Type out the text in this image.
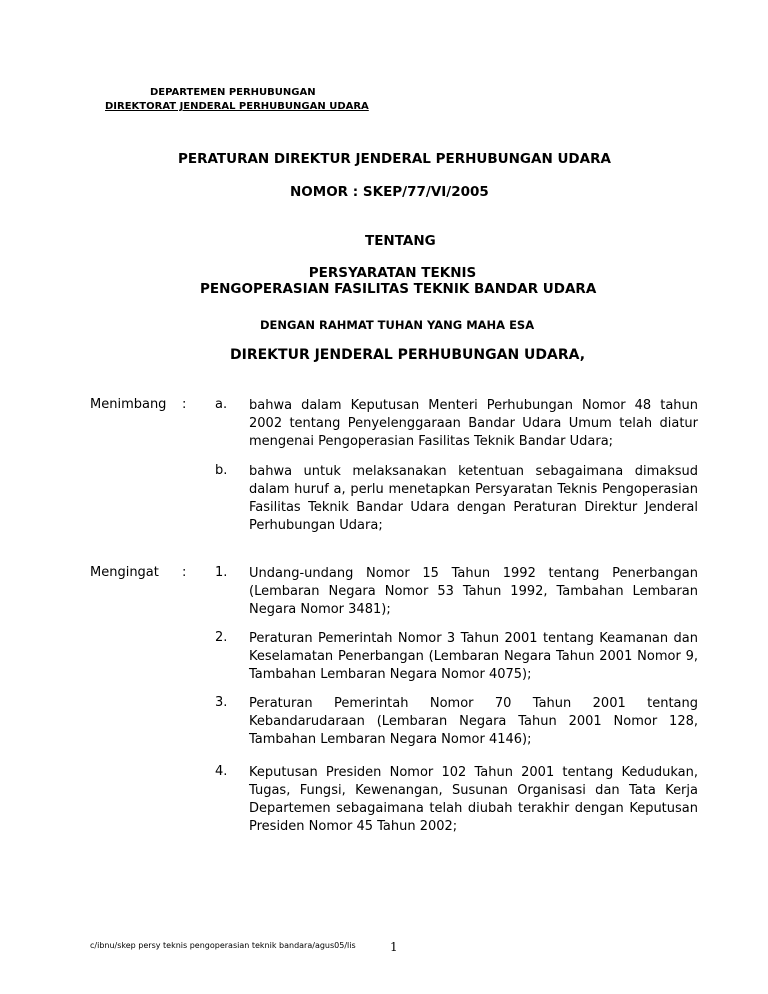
DEPARTEMEN PERHUBUNGAN
DIREKTORAT JENDERAL PERHUBUNGAN UDARA
PERATURAN DIREKTUR JENDERAL PERHUBUNGAN UDARA
NOMOR : SKEP/77/VI/2005
TENTANG
PERSYARATAN TEKNIS
PENGOPERASIAN FASILITAS TEKNIK BANDAR UDARA
DENGAN RAHMAT TUHAN YANG MAHA ESA
DIREKTUR JENDERAL PERHUBUNGAN UDARA,
Menimbang : a. bahwa dalam Keputusan Menteri Perhubungan Nomor 48 tahun 2002 tentang Penyelenggaraan Bandar Udara Umum telah diatur mengenai Pengoperasian Fasilitas Teknik Bandar Udara;
b. bahwa untuk melaksanakan ketentuan sebagaimana dimaksud dalam huruf a, perlu menetapkan Persyaratan Teknis Pengoperasian Fasilitas Teknik Bandar Udara dengan Peraturan Direktur Jenderal Perhubungan Udara;
Mengingat : 1. Undang-undang Nomor 15 Tahun 1992 tentang Penerbangan (Lembaran Negara Nomor 53 Tahun 1992, Tambahan Lembaran Negara Nomor 3481);
2. Peraturan Pemerintah Nomor 3 Tahun 2001 tentang Keamanan dan Keselamatan Penerbangan (Lembaran Negara Tahun 2001 Nomor 9, Tambahan Lembaran Negara Nomor 4075);
3. Peraturan Pemerintah Nomor 70 Tahun 2001 tentang Kebandarudaraan (Lembaran Negara Tahun 2001 Nomor 128, Tambahan Lembaran Negara Nomor 4146);
4. Keputusan Presiden Nomor 102 Tahun 2001 tentang Kedudukan, Tugas, Fungsi, Kewenangan, Susunan Organisasi dan Tata Kerja Departemen sebagaimana telah diubah terakhir dengan Keputusan Presiden Nomor 45 Tahun 2002;
c/ibnu/skep persy teknis pengoperasian teknik bandara/agus05/lis	1
